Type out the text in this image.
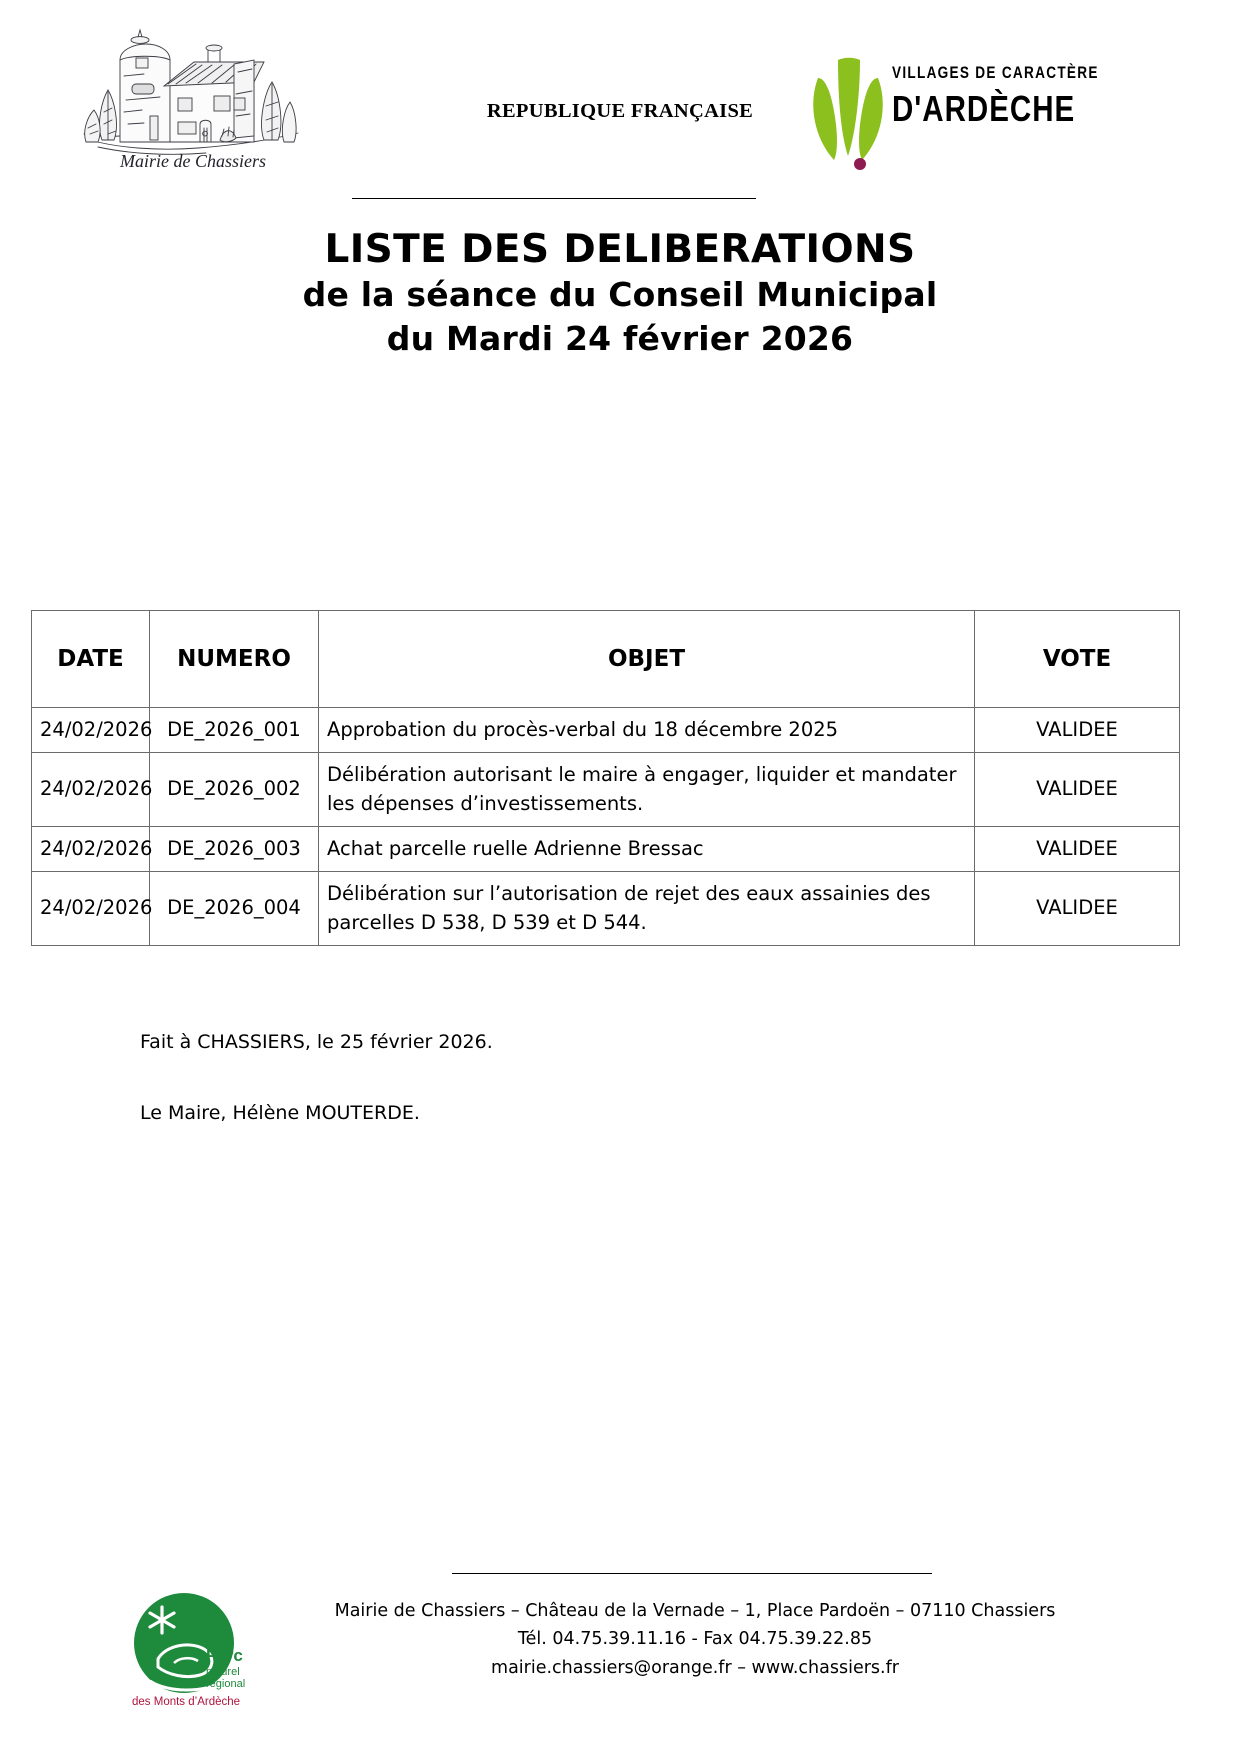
Mairie de Chassiers
REPUBLIQUE FRANÇAISE
VILLAGES DE CARACTÈRE
D'ARDÈCHE
LISTE DES DELIBERATIONS
de la séance du Conseil Municipal
du Mardi 24 février 2026
DATE	NUMERO	OBJET	VOTE
24/02/2026	DE_2026_001	Approbation du procès-verbal du 18 décembre 2025	VALIDEE
24/02/2026	DE_2026_002	Délibération autorisant le maire à engager, liquider et mandater
les dépenses d’investissements.	VALIDEE
24/02/2026	DE_2026_003	Achat parcelle ruelle Adrienne Bressac	VALIDEE
24/02/2026	DE_2026_004	Délibération sur l’autorisation de rejet des eaux assainies des
parcelles D 538, D 539 et D 544.	VALIDEE
Fait à CHASSIERS, le 25 février 2026.
Le Maire, Hélène MOUTERDE.
Parc
naturel
régional
des Monts d’Ardèche
Mairie de Chassiers – Château de la Vernade – 1, Place Pardoën – 07110 Chassiers
Tél. 04.75.39.11.16 - Fax 04.75.39.22.85
mairie.chassiers@orange.fr – www.chassiers.fr
